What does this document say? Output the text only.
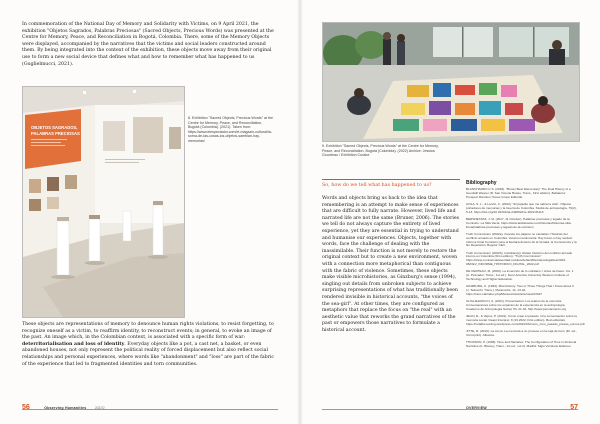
In commemoration of the National Day of Memory and Solidarity with Victims, on 9 April 2021, the exhibition "Objetos Sagrados, Palabras Preciosas" (Sacred Objects, Precious Words) was presented at the Centre for Memory, Peace, and Reconciliation in Bogotá, Colombia. There, some of the Memory Objects were displayed, accompanied by the narratives that the victims and social leaders constructed around them. By being integrated into the context of the exhibition, these objects move away from their original use to form a new social device that defines what and how to remember what has happened to us (Guglielmucci, 2021).

OBJETOS SAGRADOS,
PALABRAS PRECIOSAS

8. Exhibition "Sacred Objects, Precious Words" at the Centre for Memory, Peace, and Reconciliation, Bogotá (Colombia). (2021). Taken from: https://www.elespectador.com/el-magazin-cultural/la-sorna-de-las-cosas-los-objetos-sambian-hay-memorias/

These objects are representations of memory to denounce human rights violations, to resist forgetting, to recognize oneself as a victim, to reaffirm identity, to reconstruct events; in general, to evoke an image of the past. An image which, in the Colombian context, is associated with a specific form of war: deterritorialisation and loss of identity. Everyday objects like a pot, a cast net, a basket, or even abandoned houses, not only represent the political reality of forced displacement but also reflect social relationships and personal experiences, where words like "abandonment" and "loss" are part of the fabric of the experience that led to fragmented identities and torn communities.

56	Observing Humanities	2022/2

9. Exhibition "Sacred Objects, Precious Words" at the Centre for Memory, Peace, and Reconciliation, Bogotá (Colombia). (2022) Archive: Jessica Goudreau / Exhibition Curator

So, how do we tell what has happened to us?

Words and objects bring us back to the idea that remembering is an attempt to make sense of experiences that are difficult to fully narrate. However, lived life and narrated life are not the same (Bruner, 2006). The stories we tell do not always capture the entirety of lived experience, yet they are essential in trying to understand and humanise our experiences. Objects, together with words, face the challenge of dealing with the inassimilable. Their function is not merely to restore the original context but to create a new environment, woven with a connection more metaphorical than contiguous with the fabric of violence. Sometimes, these objects make visible microhistories, as Ginzburg's sense (1994), singling out details from unbroken subjects to achieve surprising representations of what has traditionally been rendered invisible in historical accounts, "the voices of the sea-girl". At other times, they are configured as metaphors that replace the focus on "the real" with an aesthetic value that reworks the grand narratives of the past or empowers those narratives to formulate a historical account.

Bibliography

BLANCHARDO C.S. (2018). "Brown Bear Elementary" The Dual History of a Goodwill Wearer (R. San Vicente Brasio, Trans., First edition). Bellaterra: Prospect Random House Grupo Editorial.
AVILA, S. L., & Lanzic, C. (2022). "El papelito que me sabía la vida". Objetos portadores de memorias y la Guerra de Colombia. Studia de antropología, 76(2), 5-13. https://doi.org/10.22201/iia.24486221e.2022.81115
BERSNETAINI, J. M. (2017, 11 October). Palabras preciosas y legado de la Comisión. La Silla Vacía. https://www.lasillavacia.com/historias/historias-silla-llena/palabras-preciosas-y-legado-de-la-comision
Truth Commission (2022a). Cuando los pájaros no cantaban: Historias del conflicto armado en Colombia. Volumen testimonial. Hay futuro si hay verdad: Informe Final Comisión para el Esclarecimiento de la Verdad, la Convivencia y la No Repetición. Bogotá: CEV.
Truth Commission (2022b). Invisibles(s): Relato histórico del conflicto armado interno en Colombia (First edition). "Truth Commission" https://www.comisiondelaverdad.co/sites/default/files/descargables/2022-08/CEV_INFORME_HISTORICO_DIGITAL_2022.pdf
DE CERTEAU, M. (2000). La invención de lo cotidiano I. Artes de hacer. Vol. 1 (A. Pescador, Trans.; 1st ed.). Ibero América University Western Institute of Technology and Higher Education.
GINZBURG, C. (1994). Microhistory: Two or Three Things That I Know about It (J. Tedeschi, Trans.). Manuscrits, 12, 13-42. https://raco.cat/index.php/Manuscrits/article/view/23327
GUGLIELMUCCI, A. (2021). Presentación: Los teatros de la memoria: Conversaciones sobre los espacios de la experiencia en la antropología. Cuaderno de Antropología Social, 53, 21-32. http://www.pensamiento.org
JELIN, E., & Vapos, P. (2021). Cómo crear el pasado. Una conversación sobre la memoria social. Deapt Interpret: 8 (19 2022, First edition). Bed editorials. https://redalbe.testing.wordpress.com/2021/03/como_creo_pasado_presas_ecmos.pdf
JITTE, R. (2019). La curva: La memoria a un proceso en la caja de Foro (Dr. ed., 3rd reprint). Albatros.
THOSSON, P. (1998). Time and Narrative: The Configuration of Time in Fictional Narrative (K. Blamey, Trans.; 1st ed., vol 2). Madrid: Siglo Veintiuno Editores.
OVERVIEW	57
